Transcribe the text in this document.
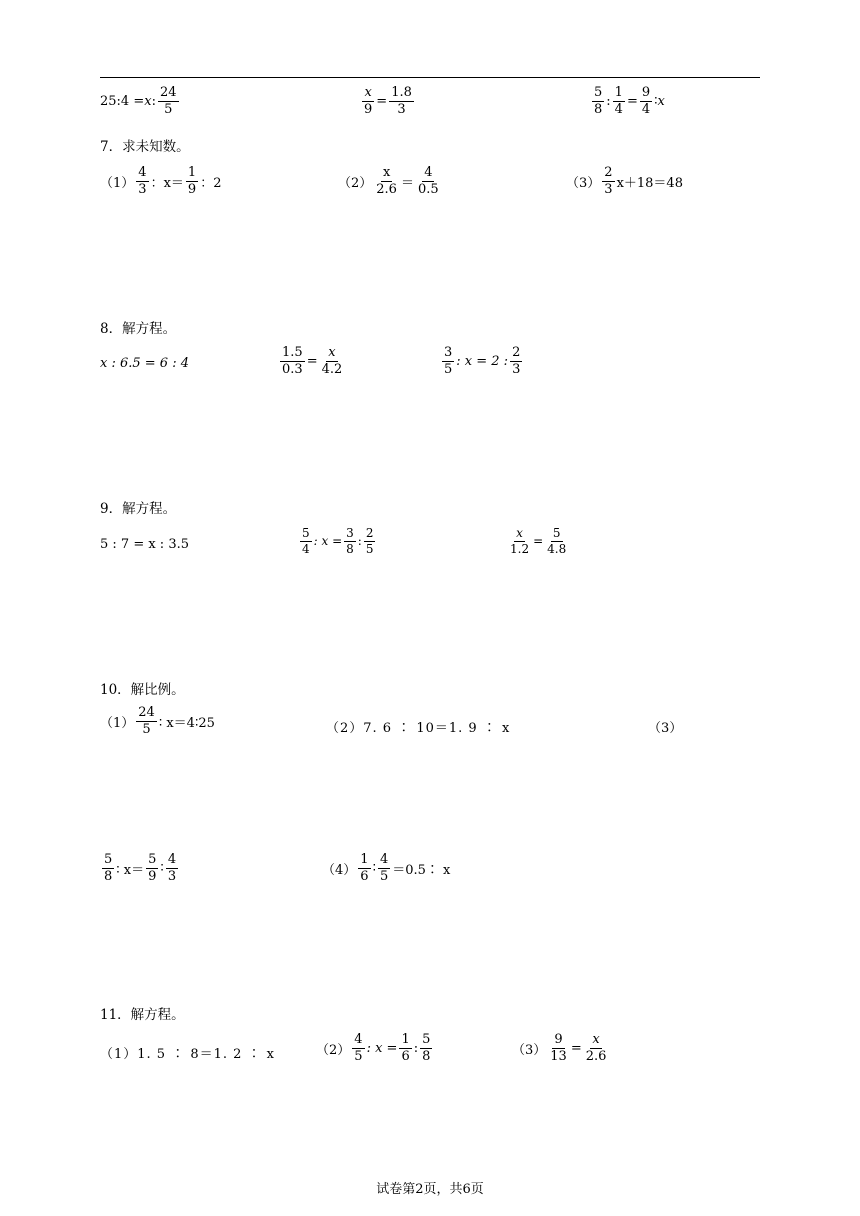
25:4 = x : $\frac{24}{5}$	$\frac{x}{9} = \frac{1.8}{3}$	$\frac{5}{8}$ : $\frac{1}{4} = \frac{9}{4}$ ∶ x
7．求未知数。
$(1) \frac{4}{3}$ ：$x= \frac{1}{9}$ ：2	$(2) \frac{x}{2.6} = \frac{4}{0.5}$	$(3) \frac{2}{3} x+18=48$
8．解方程。
x : 6.5 = 6 : 4	$\frac{1.5}{0.3} = \frac{x}{4.2}$	$\frac{3}{5}$ : x = 2 : $\frac{2}{3}$
9．解方程。
5 : 7 = x : 3.5	$\frac{5}{4}$ : $x = \frac{3}{8}$ : $\frac{2}{5}$	$\frac{x}{1.2} = \frac{5}{4.8}$
10．解比例。
$(1) \frac{24}{5}$ ∶ x＝4∶25	（2）7. 6 ∶ 10＝1. 9 ∶ x	（3）
$\frac{5}{8}$ ∶ $x= \frac{5}{9}$ ∶ $\frac{4}{3}$	$(4) \frac{1}{6}$ ∶ $\frac{4}{5}$ ＝0.5∶ x
11．解方程。
（1）1. 5 ∶ 8＝1. 2 ∶ x	$(2) \frac{4}{5}$ : $x = \frac{1}{6}$ : $\frac{5}{8}$	$(3) \frac{9}{13} = \frac{x}{2.6}$
试卷第2页，共6页
